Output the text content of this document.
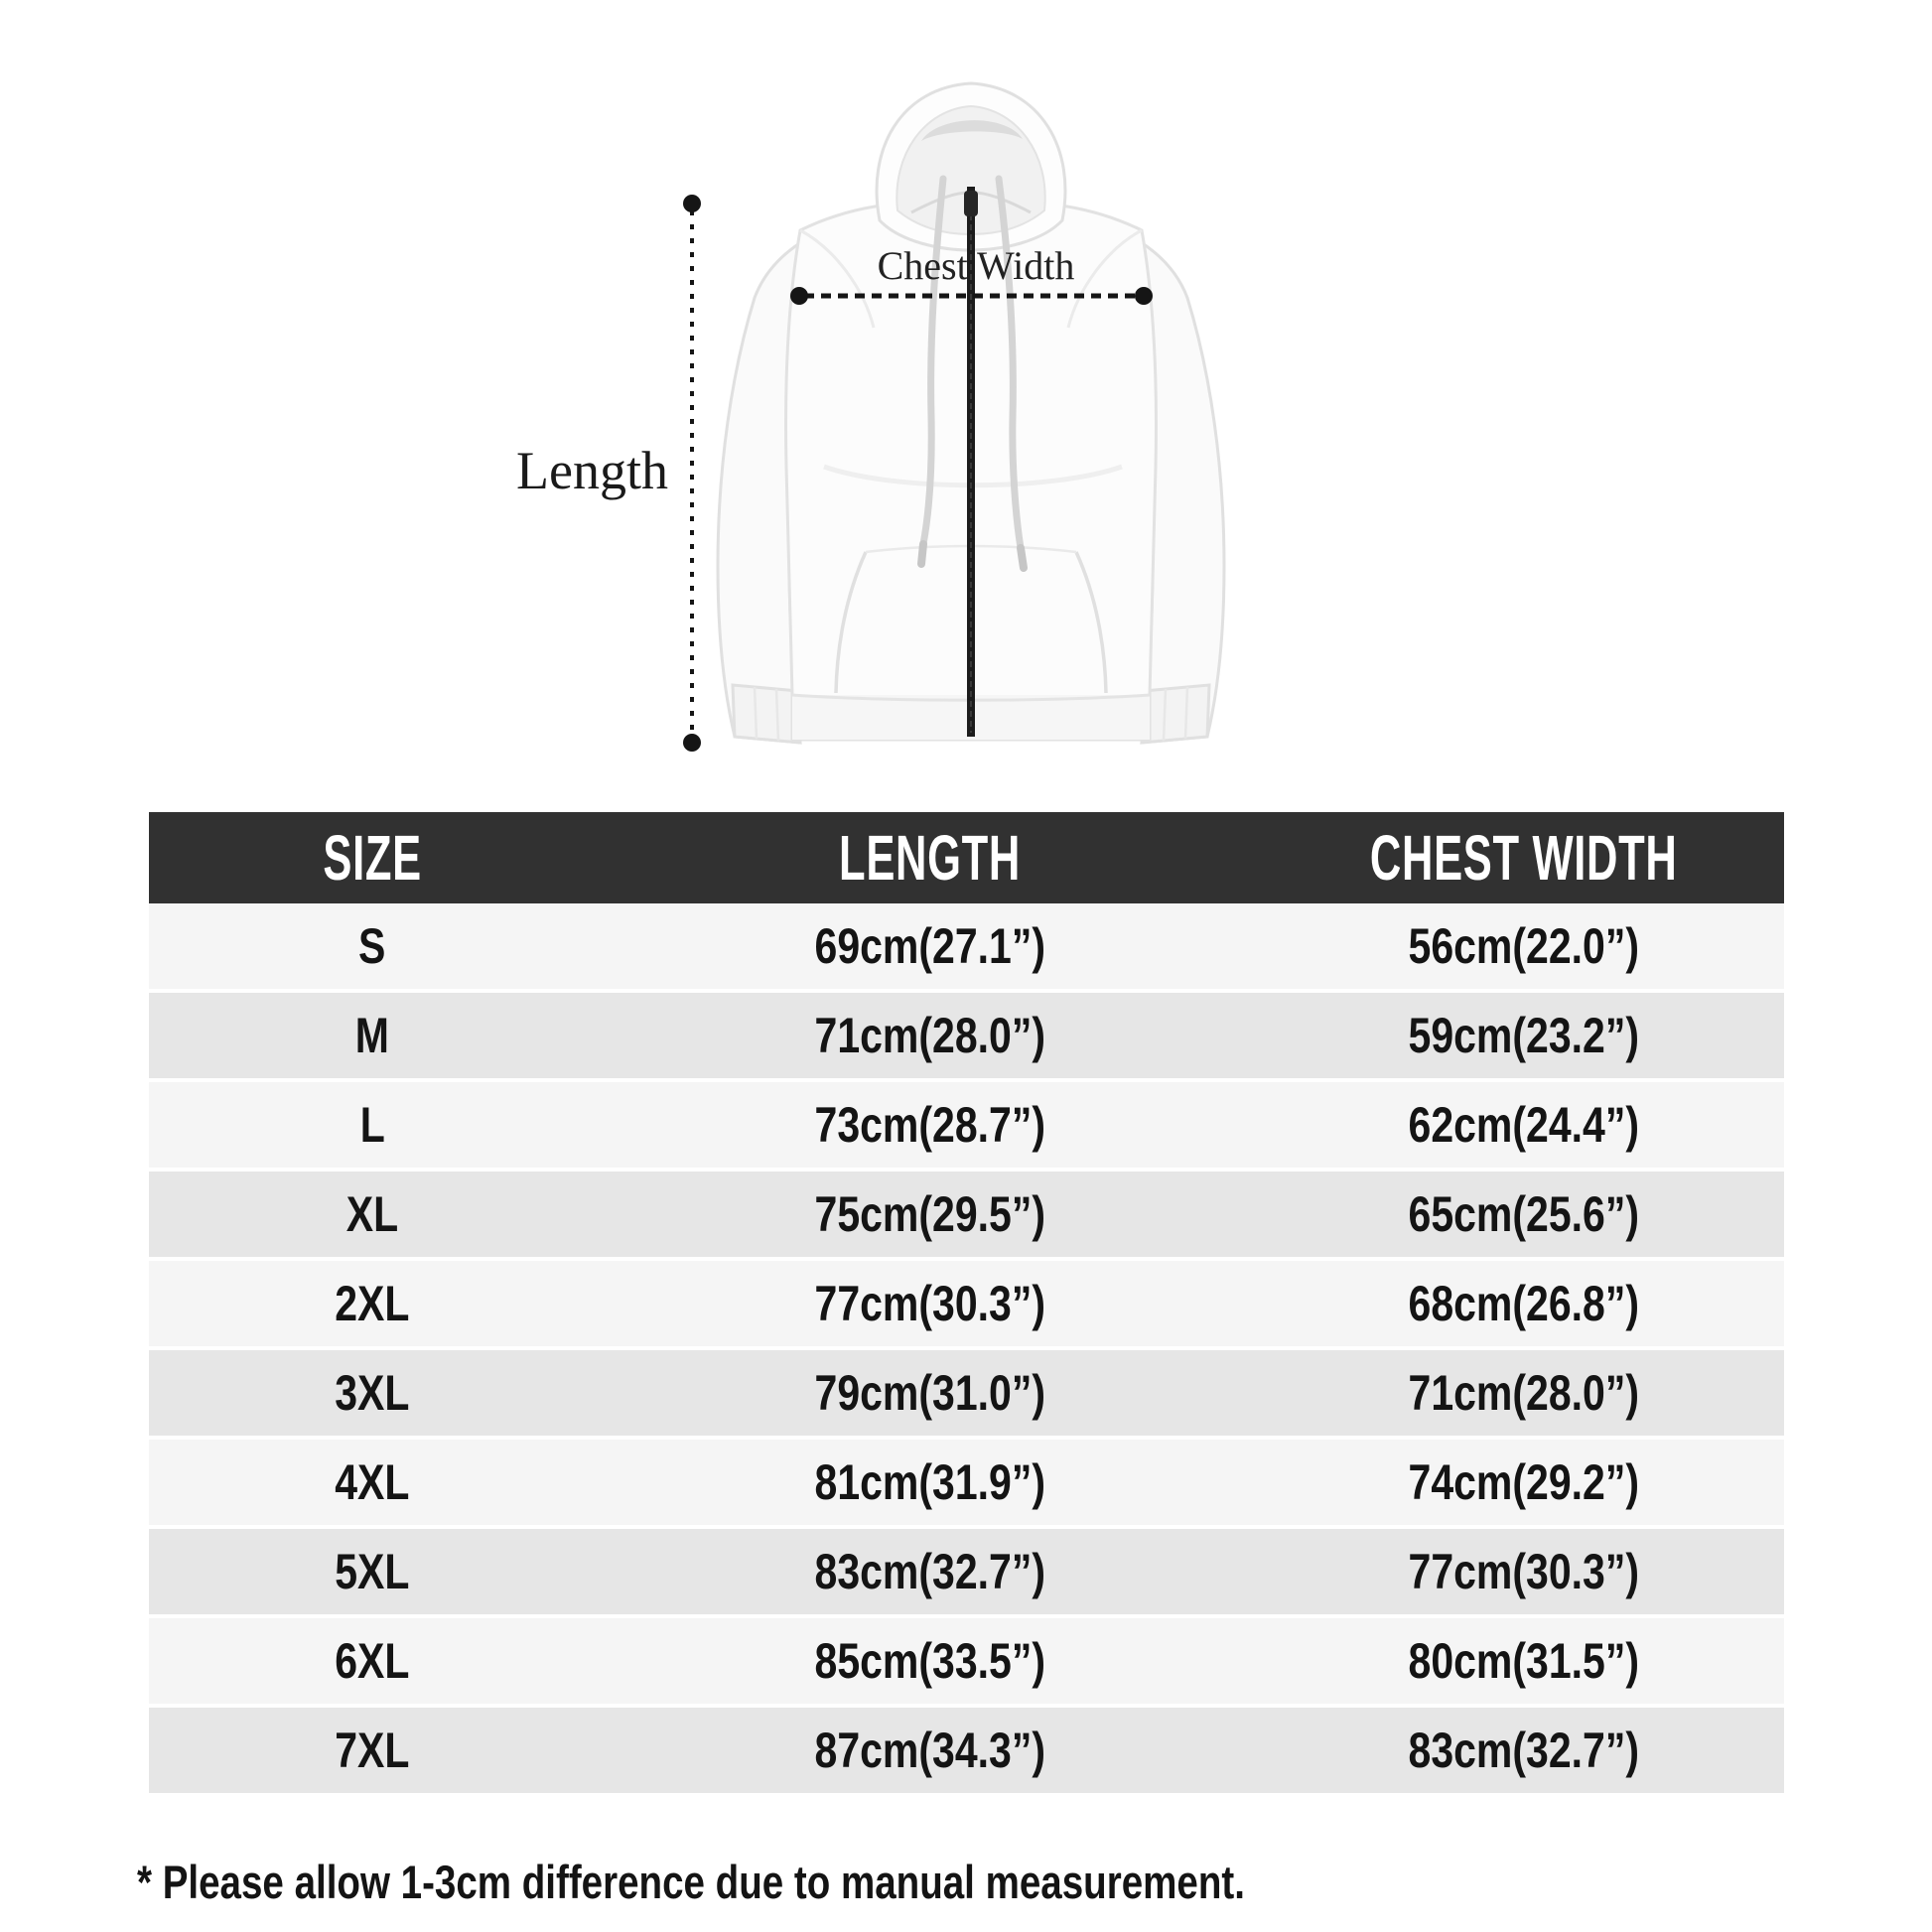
Length
Chest Width
SIZE	LENGTH	CHEST WIDTH
S	69cm(27.1”)	56cm(22.0”)
M	71cm(28.0”)	59cm(23.2”)
L	73cm(28.7”)	62cm(24.4”)
XL	75cm(29.5”)	65cm(25.6”)
2XL	77cm(30.3”)	68cm(26.8”)
3XL	79cm(31.0”)	71cm(28.0”)
4XL	81cm(31.9”)	74cm(29.2”)
5XL	83cm(32.7”)	77cm(30.3”)
6XL	85cm(33.5”)	80cm(31.5”)
7XL	87cm(34.3”)	83cm(32.7”)
* Please allow 1-3cm difference due to manual measurement.
